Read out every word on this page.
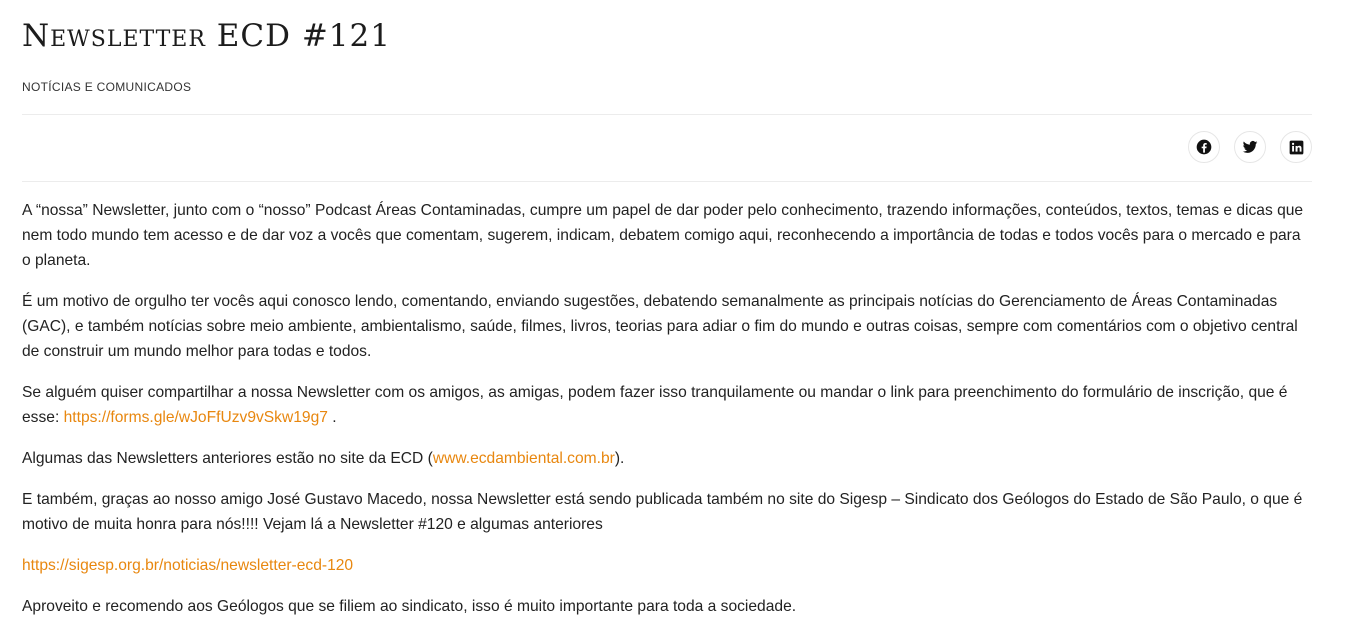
Newsletter ECD #121
NOTÍCIAS E COMUNICADOS

A “nossa” Newsletter, junto com o “nosso” Podcast Áreas Contaminadas, cumpre um papel de dar poder pelo conhecimento, trazendo informações, conteúdos, textos, temas e dicas que nem todo mundo tem acesso e de dar voz a vocês que comentam, sugerem, indicam, debatem comigo aqui, reconhecendo a importância de todas e todos vocês para o mercado e para o planeta.

É um motivo de orgulho ter vocês aqui conosco lendo, comentando, enviando sugestões, debatendo semanalmente as principais notícias do Gerenciamento de Áreas Contaminadas (GAC), e também notícias sobre meio ambiente, ambientalismo, saúde, filmes, livros, teorias para adiar o fim do mundo e outras coisas, sempre com comentários com o objetivo central de construir um mundo melhor para todas e todos.

Se alguém quiser compartilhar a nossa Newsletter com os amigos, as amigas, podem fazer isso tranquilamente ou mandar o link para preenchimento do formulário de inscrição, que é esse: https://forms.gle/wJoFfUzv9vSkw19g7 .

Algumas das Newsletters anteriores estão no site da ECD (www.ecdambiental.com.br).

E também, graças ao nosso amigo José Gustavo Macedo, nossa Newsletter está sendo publicada também no site do Sigesp – Sindicato dos Geólogos do Estado de São Paulo, o que é motivo de muita honra para nós!!!! Vejam lá a Newsletter #120 e algumas anteriores

https://sigesp.org.br/noticias/newsletter-ecd-120

Aproveito e recomendo aos Geólogos que se filiem ao sindicato, isso é muito importante para toda a sociedade.
